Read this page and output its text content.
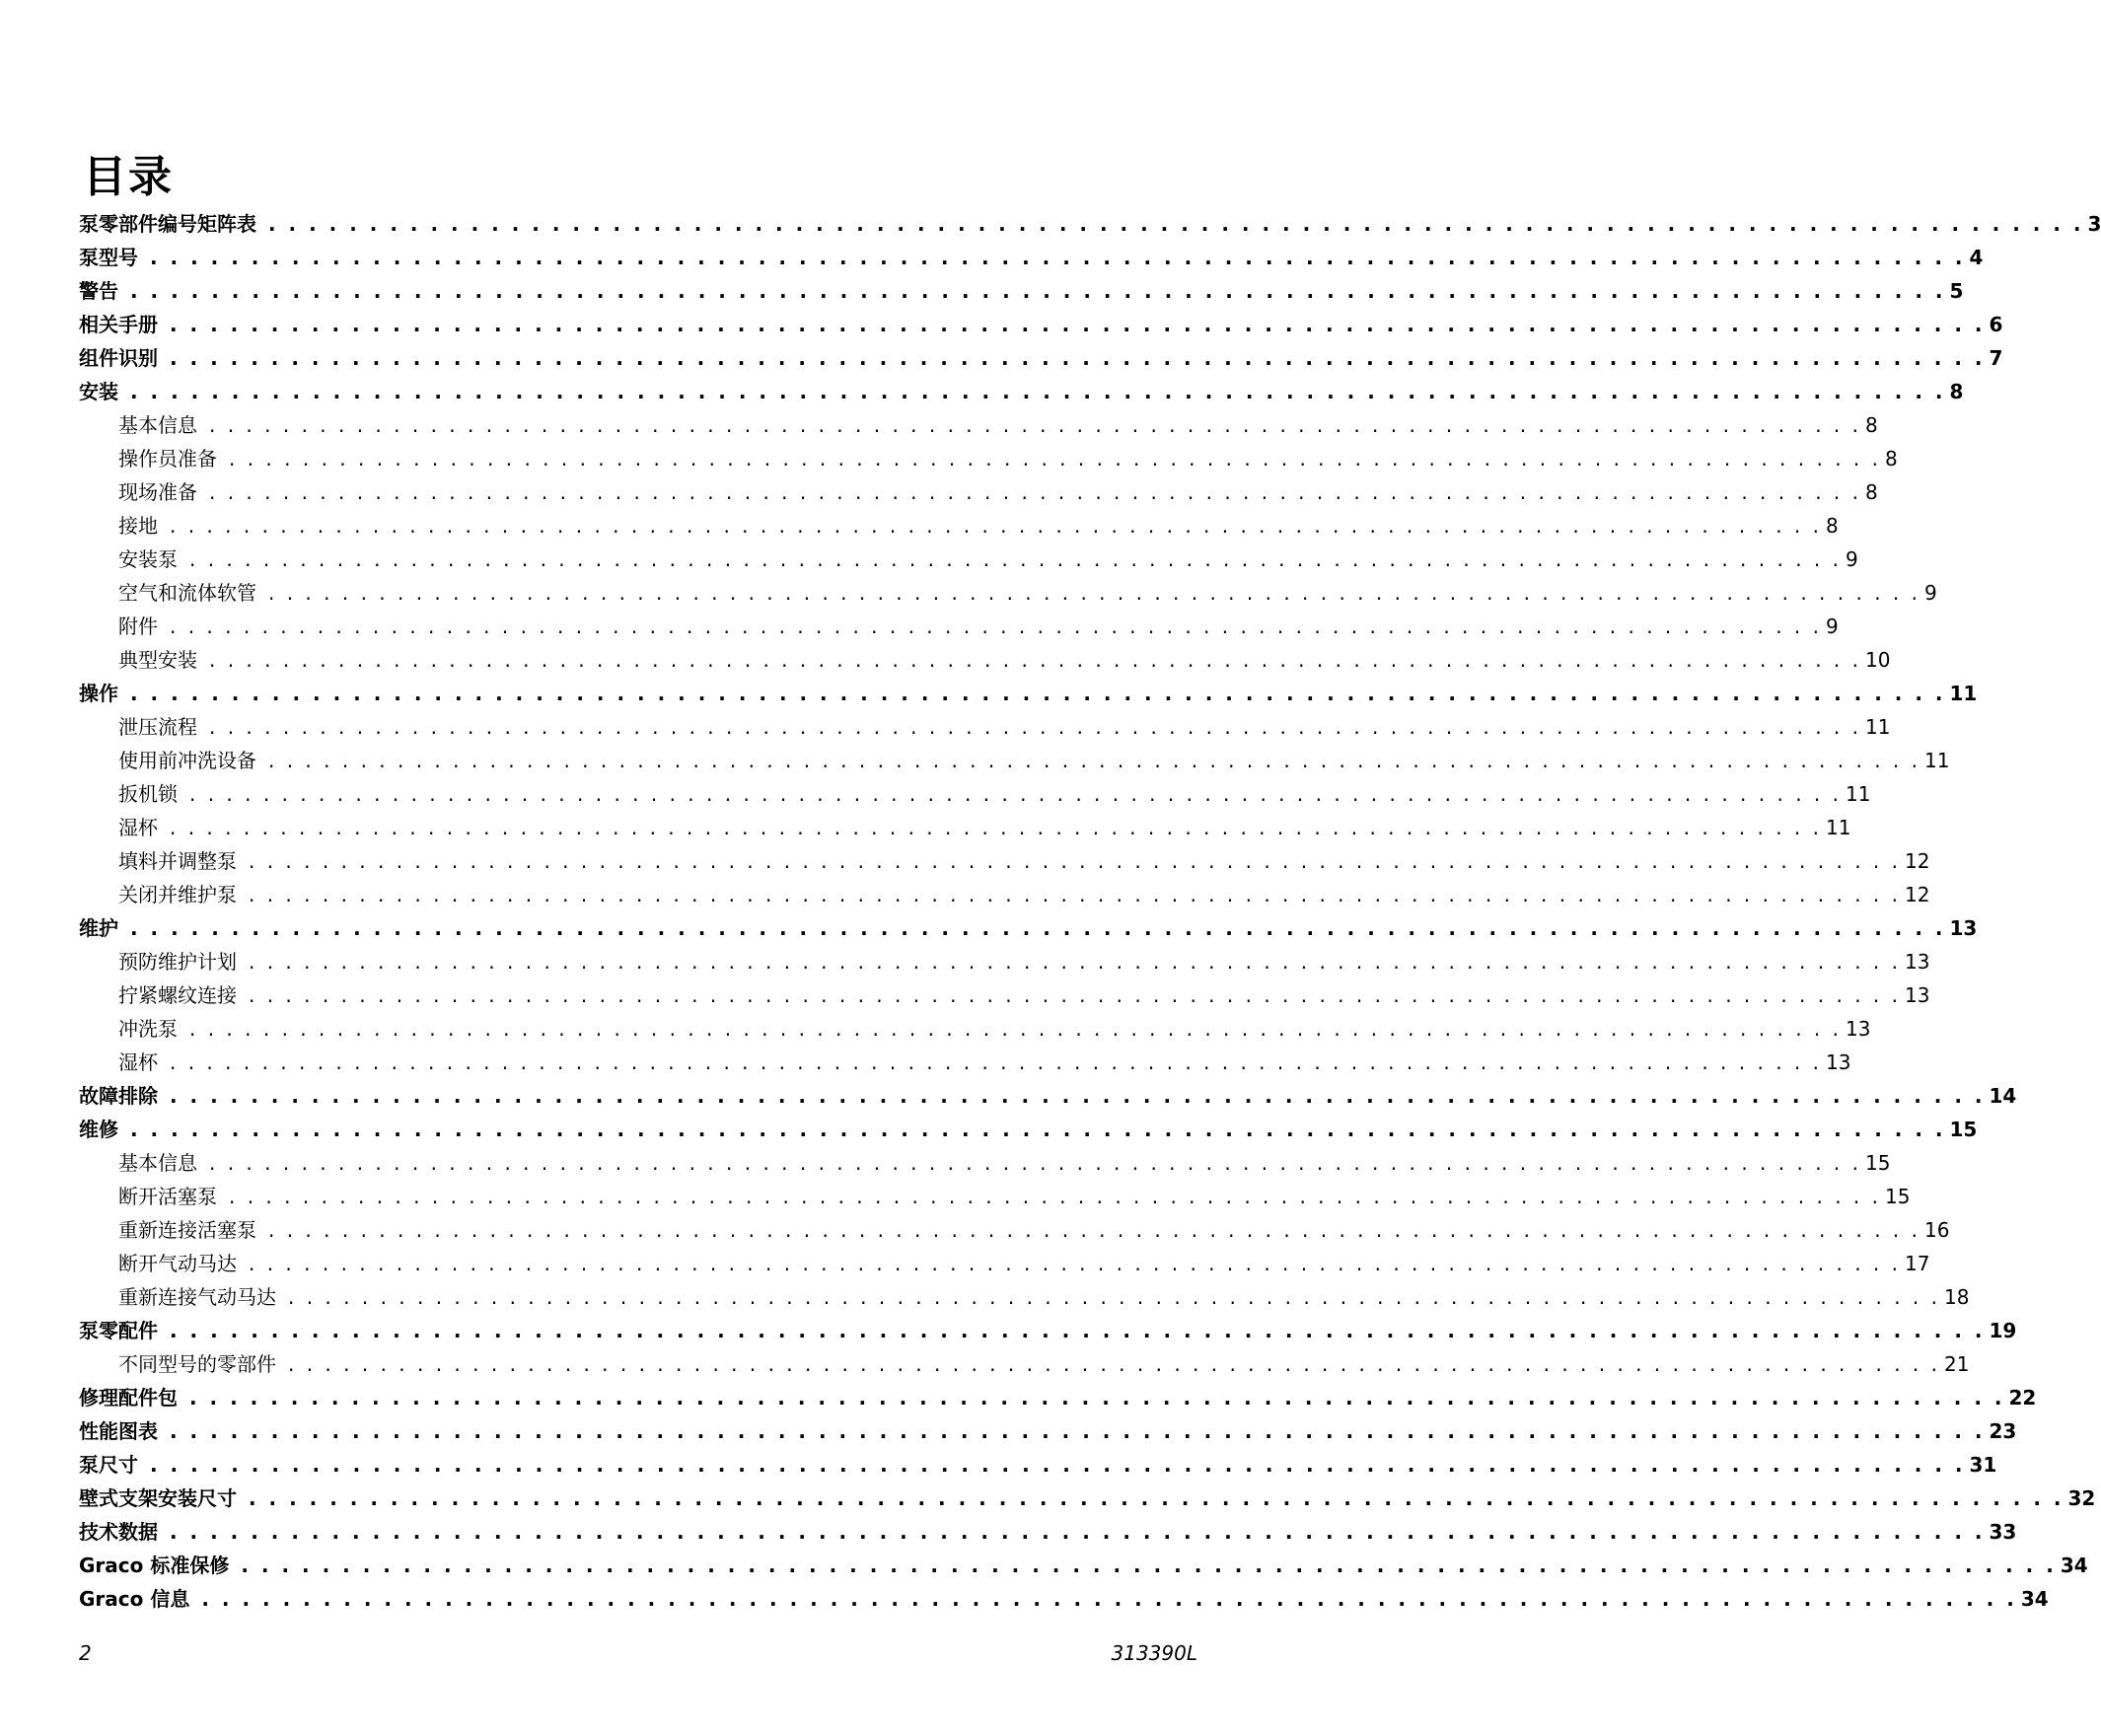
目录
泵零部件编号矩阵表 . . . . . . . . . . . . . . . . . . . . . . . . . . . . . . . . . . . . . . . . . . . . . . . . . . . . . . . . . . . . . . . . . . . . . . . . . . . . . . . . . . . . . . . . . . 3
泵型号 . . . . . . . . . . . . . . . . . . . . . . . . . . . . . . . . . . . . . . . . . . . . . . . . . . . . . . . . . . . . . . . . . . . . . . . . . . . . . . . . . . . . . . . . . . 4
警告 . . . . . . . . . . . . . . . . . . . . . . . . . . . . . . . . . . . . . . . . . . . . . . . . . . . . . . . . . . . . . . . . . . . . . . . . . . . . . . . . . . . . . . . . . . 5
相关手册 . . . . . . . . . . . . . . . . . . . . . . . . . . . . . . . . . . . . . . . . . . . . . . . . . . . . . . . . . . . . . . . . . . . . . . . . . . . . . . . . . . . . . . . . . . 6
组件识别 . . . . . . . . . . . . . . . . . . . . . . . . . . . . . . . . . . . . . . . . . . . . . . . . . . . . . . . . . . . . . . . . . . . . . . . . . . . . . . . . . . . . . . . . . . 7
安装 . . . . . . . . . . . . . . . . . . . . . . . . . . . . . . . . . . . . . . . . . . . . . . . . . . . . . . . . . . . . . . . . . . . . . . . . . . . . . . . . . . . . . . . . . . 8
基本信息 . . . . . . . . . . . . . . . . . . . . . . . . . . . . . . . . . . . . . . . . . . . . . . . . . . . . . . . . . . . . . . . . . . . . . . . . . . . . . . . . . . . . . . . . . . 8
操作员准备 . . . . . . . . . . . . . . . . . . . . . . . . . . . . . . . . . . . . . . . . . . . . . . . . . . . . . . . . . . . . . . . . . . . . . . . . . . . . . . . . . . . . . . . . . . 8
现场准备 . . . . . . . . . . . . . . . . . . . . . . . . . . . . . . . . . . . . . . . . . . . . . . . . . . . . . . . . . . . . . . . . . . . . . . . . . . . . . . . . . . . . . . . . . . 8
接地 . . . . . . . . . . . . . . . . . . . . . . . . . . . . . . . . . . . . . . . . . . . . . . . . . . . . . . . . . . . . . . . . . . . . . . . . . . . . . . . . . . . . . . . . . . 8
安装泵 . . . . . . . . . . . . . . . . . . . . . . . . . . . . . . . . . . . . . . . . . . . . . . . . . . . . . . . . . . . . . . . . . . . . . . . . . . . . . . . . . . . . . . . . . . 9
空气和流体软管 . . . . . . . . . . . . . . . . . . . . . . . . . . . . . . . . . . . . . . . . . . . . . . . . . . . . . . . . . . . . . . . . . . . . . . . . . . . . . . . . . . . . . . . . . . 9
附件 . . . . . . . . . . . . . . . . . . . . . . . . . . . . . . . . . . . . . . . . . . . . . . . . . . . . . . . . . . . . . . . . . . . . . . . . . . . . . . . . . . . . . . . . . . 9
典型安装 . . . . . . . . . . . . . . . . . . . . . . . . . . . . . . . . . . . . . . . . . . . . . . . . . . . . . . . . . . . . . . . . . . . . . . . . . . . . . . . . . . . . . . . . . . 10
操作 . . . . . . . . . . . . . . . . . . . . . . . . . . . . . . . . . . . . . . . . . . . . . . . . . . . . . . . . . . . . . . . . . . . . . . . . . . . . . . . . . . . . . . . . . . 11
泄压流程 . . . . . . . . . . . . . . . . . . . . . . . . . . . . . . . . . . . . . . . . . . . . . . . . . . . . . . . . . . . . . . . . . . . . . . . . . . . . . . . . . . . . . . . . . . 11
使用前冲洗设备 . . . . . . . . . . . . . . . . . . . . . . . . . . . . . . . . . . . . . . . . . . . . . . . . . . . . . . . . . . . . . . . . . . . . . . . . . . . . . . . . . . . . . . . . . . 11
扳机锁 . . . . . . . . . . . . . . . . . . . . . . . . . . . . . . . . . . . . . . . . . . . . . . . . . . . . . . . . . . . . . . . . . . . . . . . . . . . . . . . . . . . . . . . . . . 11
湿杯 . . . . . . . . . . . . . . . . . . . . . . . . . . . . . . . . . . . . . . . . . . . . . . . . . . . . . . . . . . . . . . . . . . . . . . . . . . . . . . . . . . . . . . . . . . 11
填料并调整泵 . . . . . . . . . . . . . . . . . . . . . . . . . . . . . . . . . . . . . . . . . . . . . . . . . . . . . . . . . . . . . . . . . . . . . . . . . . . . . . . . . . . . . . . . . . 12
关闭并维护泵 . . . . . . . . . . . . . . . . . . . . . . . . . . . . . . . . . . . . . . . . . . . . . . . . . . . . . . . . . . . . . . . . . . . . . . . . . . . . . . . . . . . . . . . . . . 12
维护 . . . . . . . . . . . . . . . . . . . . . . . . . . . . . . . . . . . . . . . . . . . . . . . . . . . . . . . . . . . . . . . . . . . . . . . . . . . . . . . . . . . . . . . . . . 13
预防维护计划 . . . . . . . . . . . . . . . . . . . . . . . . . . . . . . . . . . . . . . . . . . . . . . . . . . . . . . . . . . . . . . . . . . . . . . . . . . . . . . . . . . . . . . . . . . 13
拧紧螺纹连接 . . . . . . . . . . . . . . . . . . . . . . . . . . . . . . . . . . . . . . . . . . . . . . . . . . . . . . . . . . . . . . . . . . . . . . . . . . . . . . . . . . . . . . . . . . 13
冲洗泵 . . . . . . . . . . . . . . . . . . . . . . . . . . . . . . . . . . . . . . . . . . . . . . . . . . . . . . . . . . . . . . . . . . . . . . . . . . . . . . . . . . . . . . . . . . 13
湿杯 . . . . . . . . . . . . . . . . . . . . . . . . . . . . . . . . . . . . . . . . . . . . . . . . . . . . . . . . . . . . . . . . . . . . . . . . . . . . . . . . . . . . . . . . . . 13
故障排除 . . . . . . . . . . . . . . . . . . . . . . . . . . . . . . . . . . . . . . . . . . . . . . . . . . . . . . . . . . . . . . . . . . . . . . . . . . . . . . . . . . . . . . . . . . 14
维修 . . . . . . . . . . . . . . . . . . . . . . . . . . . . . . . . . . . . . . . . . . . . . . . . . . . . . . . . . . . . . . . . . . . . . . . . . . . . . . . . . . . . . . . . . . 15
基本信息 . . . . . . . . . . . . . . . . . . . . . . . . . . . . . . . . . . . . . . . . . . . . . . . . . . . . . . . . . . . . . . . . . . . . . . . . . . . . . . . . . . . . . . . . . . 15
断开活塞泵 . . . . . . . . . . . . . . . . . . . . . . . . . . . . . . . . . . . . . . . . . . . . . . . . . . . . . . . . . . . . . . . . . . . . . . . . . . . . . . . . . . . . . . . . . . 15
重新连接活塞泵 . . . . . . . . . . . . . . . . . . . . . . . . . . . . . . . . . . . . . . . . . . . . . . . . . . . . . . . . . . . . . . . . . . . . . . . . . . . . . . . . . . . . . . . . . . 16
断开气动马达 . . . . . . . . . . . . . . . . . . . . . . . . . . . . . . . . . . . . . . . . . . . . . . . . . . . . . . . . . . . . . . . . . . . . . . . . . . . . . . . . . . . . . . . . . . 17
重新连接气动马达 . . . . . . . . . . . . . . . . . . . . . . . . . . . . . . . . . . . . . . . . . . . . . . . . . . . . . . . . . . . . . . . . . . . . . . . . . . . . . . . . . . . . . . . . . . 18
泵零配件 . . . . . . . . . . . . . . . . . . . . . . . . . . . . . . . . . . . . . . . . . . . . . . . . . . . . . . . . . . . . . . . . . . . . . . . . . . . . . . . . . . . . . . . . . . 19
不同型号的零部件 . . . . . . . . . . . . . . . . . . . . . . . . . . . . . . . . . . . . . . . . . . . . . . . . . . . . . . . . . . . . . . . . . . . . . . . . . . . . . . . . . . . . . . . . . . 21
修理配件包 . . . . . . . . . . . . . . . . . . . . . . . . . . . . . . . . . . . . . . . . . . . . . . . . . . . . . . . . . . . . . . . . . . . . . . . . . . . . . . . . . . . . . . . . . . 22
性能图表 . . . . . . . . . . . . . . . . . . . . . . . . . . . . . . . . . . . . . . . . . . . . . . . . . . . . . . . . . . . . . . . . . . . . . . . . . . . . . . . . . . . . . . . . . . 23
泵尺寸 . . . . . . . . . . . . . . . . . . . . . . . . . . . . . . . . . . . . . . . . . . . . . . . . . . . . . . . . . . . . . . . . . . . . . . . . . . . . . . . . . . . . . . . . . . 31
壁式支架安装尺寸 . . . . . . . . . . . . . . . . . . . . . . . . . . . . . . . . . . . . . . . . . . . . . . . . . . . . . . . . . . . . . . . . . . . . . . . . . . . . . . . . . . . . . . . . . . 32
技术数据 . . . . . . . . . . . . . . . . . . . . . . . . . . . . . . . . . . . . . . . . . . . . . . . . . . . . . . . . . . . . . . . . . . . . . . . . . . . . . . . . . . . . . . . . . . 33
Graco 标准保修 . . . . . . . . . . . . . . . . . . . . . . . . . . . . . . . . . . . . . . . . . . . . . . . . . . . . . . . . . . . . . . . . . . . . . . . . . . . . . . . . . . . . . . . . . . 34
Graco 信息 . . . . . . . . . . . . . . . . . . . . . . . . . . . . . . . . . . . . . . . . . . . . . . . . . . . . . . . . . . . . . . . . . . . . . . . . . . . . . . . . . . . . . . . . . . 34
2	313390L
